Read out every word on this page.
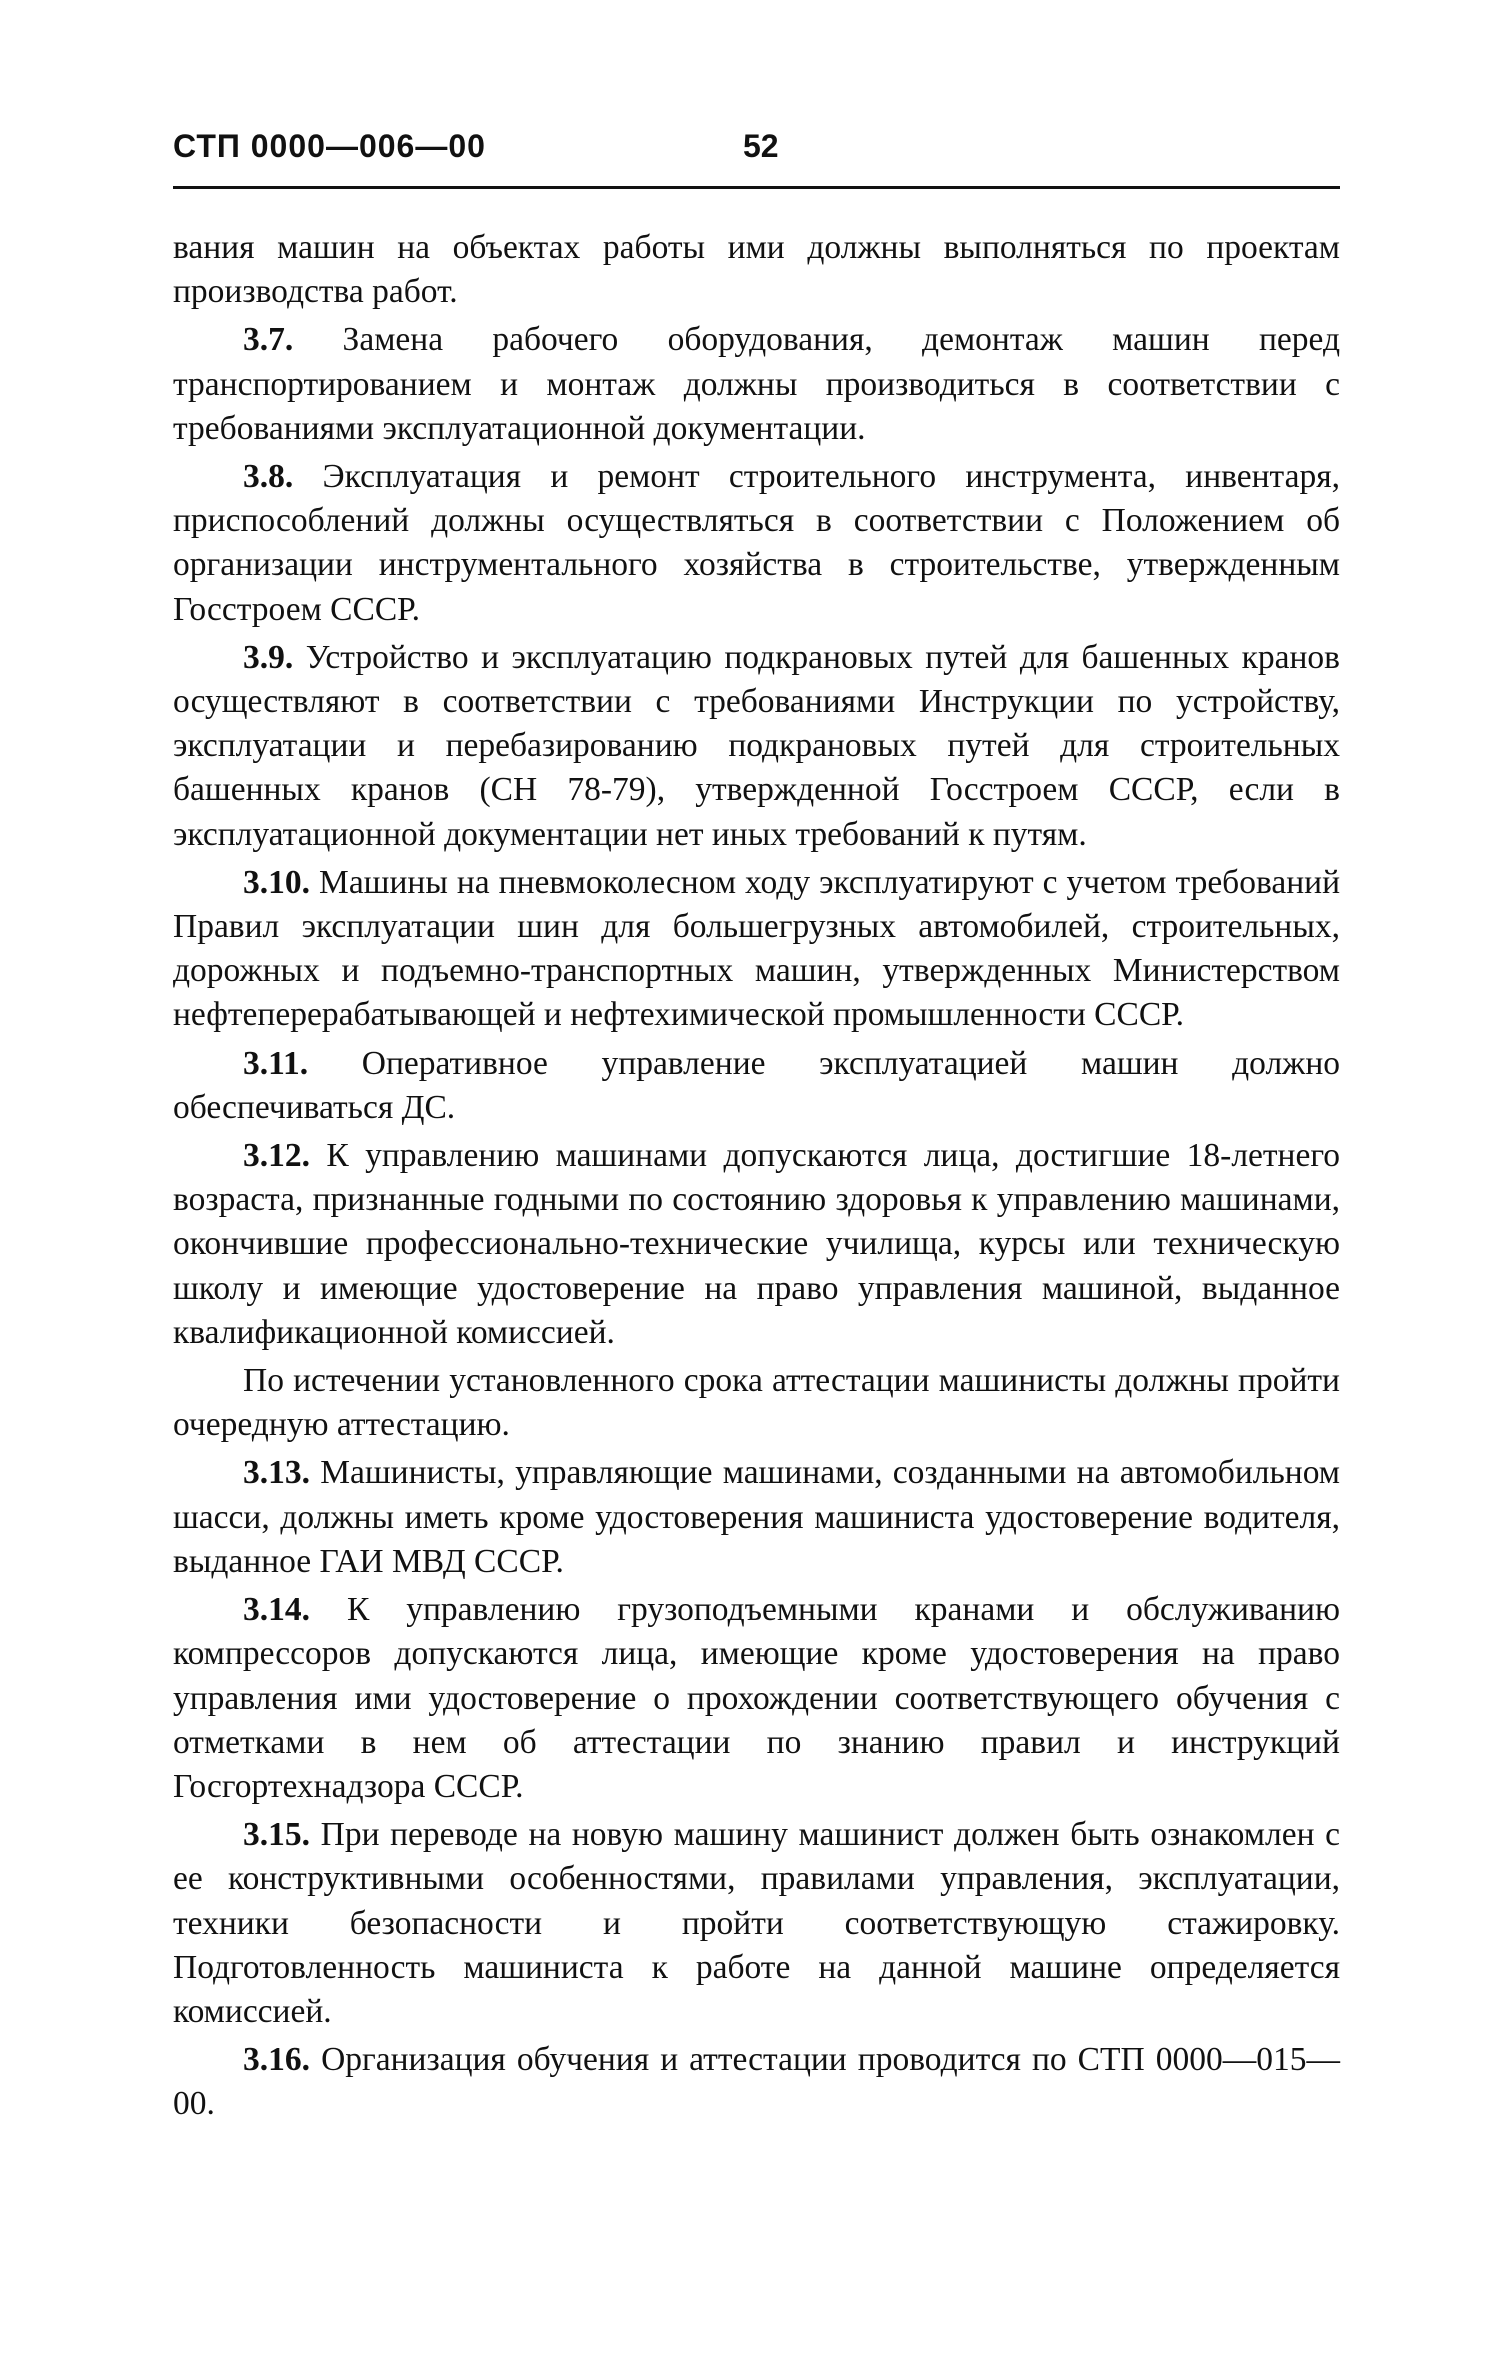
СТП 0000—006—00	52

вания машин на объектах работы ими должны выполняться по проектам производства работ.

3.7. Замена рабочего оборудования, демонтаж машин перед транспортированием и монтаж должны производиться в соответствии с требованиями эксплуатационной документации.

3.8. Эксплуатация и ремонт строительного инструмента, инвентаря, приспособлений должны осуществляться в соответствии с Положением об организации инструментального хозяйства в строительстве, утвержденным Госстроем СССР.

3.9. Устройство и эксплуатацию подкрановых путей для башенных кранов осуществляют в соответствии с требованиями Инструкции по устройству, эксплуатации и перебазированию подкрановых путей для строительных башенных кранов (СН 78-79), утвержденной Госстроем СССР, если в эксплуатационной документации нет иных требований к путям.

3.10. Машины на пневмоколесном ходу эксплуатируют с учетом требований Правил эксплуатации шин для большегрузных автомобилей, строительных, дорожных и подъемно-транспортных машин, утвержденных Министерством нефтеперерабатывающей и нефтехимической промышленности СССР.

3.11. Оперативное управление эксплуатацией машин должно обеспечиваться ДС.

3.12. К управлению машинами допускаются лица, достигшие 18-летнего возраста, признанные годными по состоянию здоровья к управлению машинами, окончившие профессионально-технические училища, курсы или техническую школу и имеющие удостоверение на право управления машиной, выданное квалификационной комиссией.

По истечении установленного срока аттестации машинисты должны пройти очередную аттестацию.

3.13. Машинисты, управляющие машинами, созданными на автомобильном шасси, должны иметь кроме удостоверения машиниста удостоверение водителя, выданное ГАИ МВД СССР.

3.14. К управлению грузоподъемными кранами и обслуживанию компрессоров допускаются лица, имеющие кроме удостоверения на право управления ими удостоверение о прохождении соответствующего обучения с отметками в нем об аттестации по знанию правил и инструкций Госгортехнадзора СССР.

3.15. При переводе на новую машину машинист должен быть ознакомлен с ее конструктивными особенностями, правилами управления, эксплуатации, техники безопасности и пройти соответствующую стажировку. Подготовленность машиниста к работе на данной машине определяется комиссией.

3.16. Организация обучения и аттестации проводится по СТП 0000—015—00.
